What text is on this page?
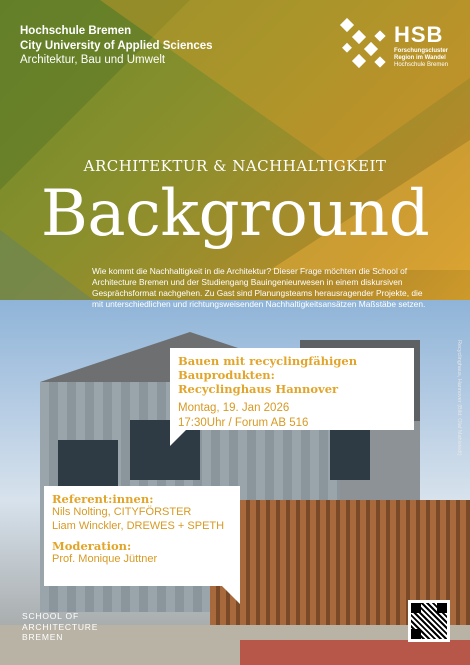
Hochschule Bremen
City University of Applied Sciences
Architektur, Bau und Umwelt
HSB
Forschungscluster
Region im Wandel
Hochschule Bremen
ARCHITEKTUR & NACHHALTIGKEIT
Background
Wie kommt die Nachhaltigkeit in die Architektur? Dieser Frage möchten die School of Architecture Bremen und der Studiengang Bauingenieurwesen in einem diskursiven Gesprächsformat nachgehen. Zu Gast sind Planungsteams herausragender Projekte, die mit unterschiedlichen und richtungsweisenden Nachhaltigkeitsansätzen Maßstäbe setzen.
Bauen mit recyclingfähigen Bauprodukten:
Recyclinghaus Hannover
Montag, 19. Jan 2026
17:30Uhr / Forum AB 516
Referent:innen:
Nils Nolting, CITYFÖRSTER
Liam Winckler, DREWES + SPETH
Moderation:
Prof. Monique Jüttner
Recyclinghaus, Hannover (Bild: Olaf Mahlstedt)
SCHOOL OF
ARCHITECTURE
BREMEN
